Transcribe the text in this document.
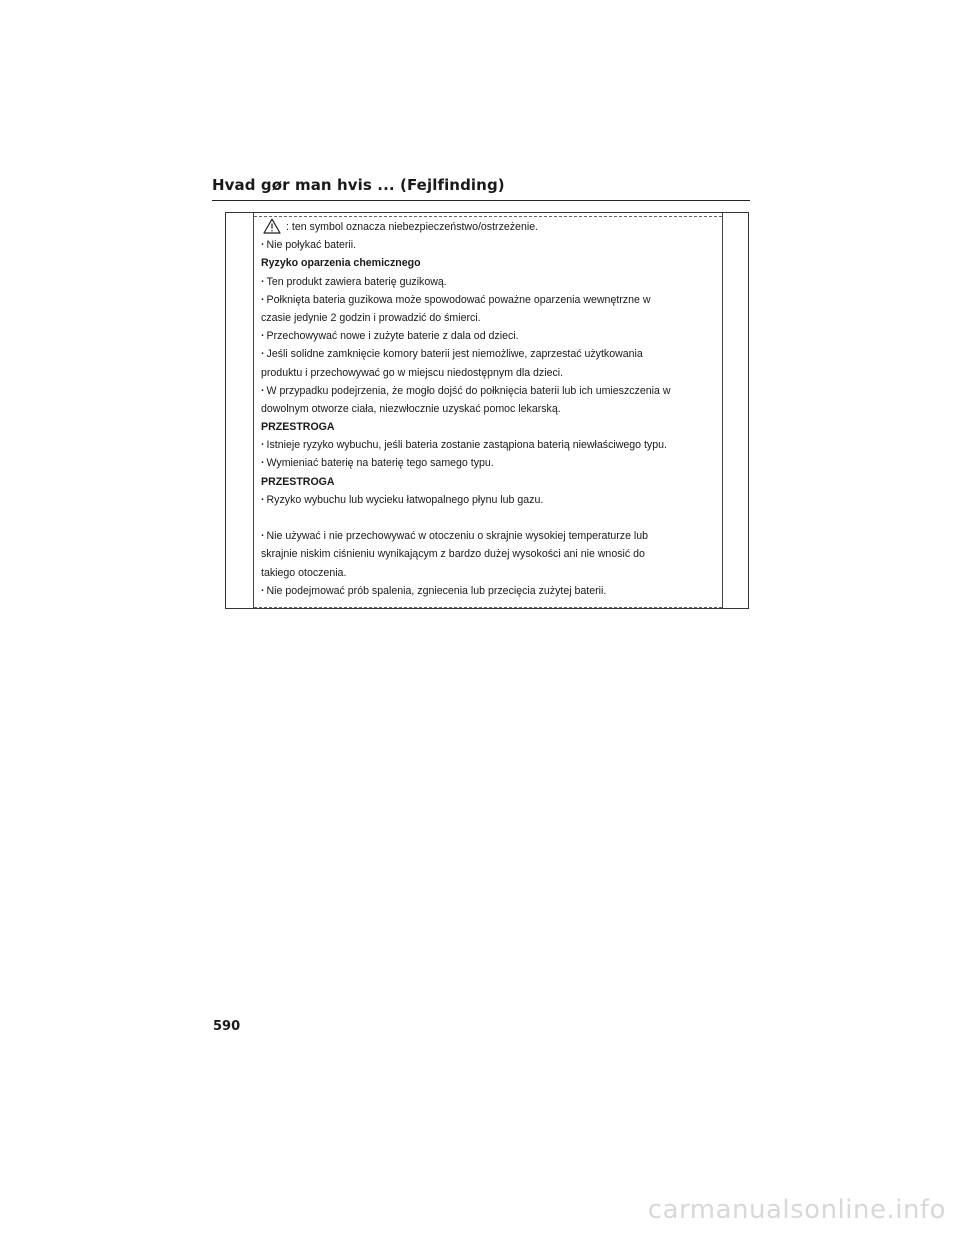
Hvad gør man hvis ... (Fejlfinding)
: ten symbol oznacza niebezpieczeństwo/ostrzeżenie.
· Nie połykać baterii.
Ryzyko oparzenia chemicznego
· Ten produkt zawiera baterię guzikową.
· Połknięta bateria guzikowa może spowodować poważne oparzenia wewnętrzne w
czasie jedynie 2 godzin i prowadzić do śmierci.
· Przechowywać nowe i zużyte baterie z dala od dzieci.
· Jeśli solidne zamknięcie komory baterii jest niemożliwe, zaprzestać użytkowania
produktu i przechowywać go w miejscu niedostępnym dla dzieci.
· W przypadku podejrzenia, że mogło dojść do połknięcia baterii lub ich umieszczenia w
dowolnym otworze ciała, niezwłocznie uzyskać pomoc lekarską.
PRZESTROGA
· Istnieje ryzyko wybuchu, jeśli bateria zostanie zastąpiona baterią niewłaściwego typu.
· Wymieniać baterię na baterię tego samego typu.
PRZESTROGA
· Ryzyko wybuchu lub wycieku łatwopalnego płynu lub gazu.
· Nie używać i nie przechowywać w otoczeniu o skrajnie wysokiej temperaturze lub
skrajnie niskim ciśnieniu wynikającym z bardzo dużej wysokości ani nie wnosić do
takiego otoczenia.
· Nie podejmować prób spalenia, zgniecenia lub przecięcia zużytej baterii.
590
carmanualsonline.info
